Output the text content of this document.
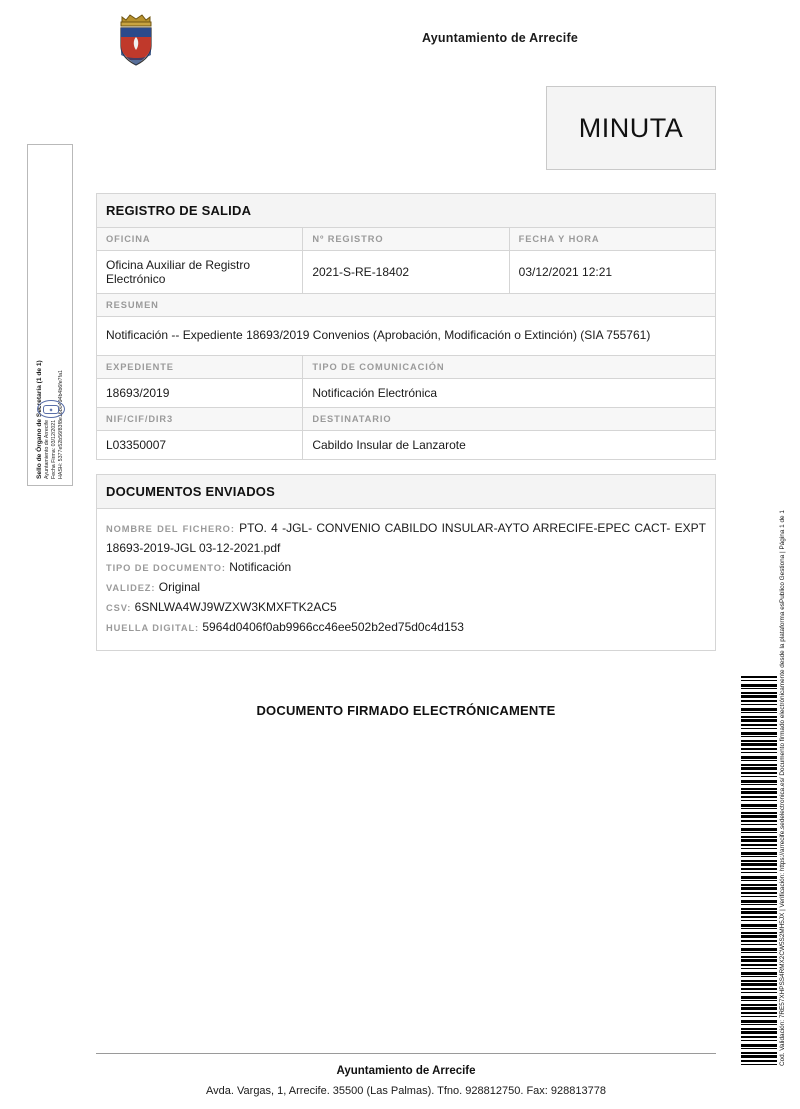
Ayuntamiento de Arrecife
MINUTA
Sello de Órgano de Secretaría (1 de 1) Ayuntamiento de Arrecife Fecha Firma: 03/12/2021 HASH: 5377e52b56f83f8e16b0494b4b6fe7fa1
◆
REGISTRO DE SALIDA		
OFICINA	Nº REGISTRO	FECHA Y HORA
Oficina Auxiliar de Registro Electrónico	2021-S-RE-18402	03/12/2021 12:21
RESUMEN		
Notificación -- Expediente 18693/2019 Convenios (Aprobación, Modificación o Extinción) (SIA 755761)		
EXPEDIENTE	TIPO DE COMUNICACIÓN	
18693/2019	Notificación Electrónica	
NIF/CIF/DIR3	DESTINATARIO	
L03350007	Cabildo Insular de Lanzarote	
DOCUMENTOS ENVIADOS
NOMBRE DEL FICHERO: PTO. 4 -JGL- CONVENIO CABILDO INSULAR-AYTO ARRECIFE-EPEC CACT- EXPT 18693-2019-JGL 03-12-2021.pdf
TIPO DE DOCUMENTO: Notificación
VALIDEZ: Original
CSV: 6SNLWA4WJ9WZXW3KMXFTK2AC5
HUELLA DIGITAL: 5964d0406f0ab9966cc46ee502b2ed75d0c4d153
DOCUMENTO FIRMADO ELECTRÓNICAMENTE	Cod. Validación: 7RE57XHPSS4RMX2CW5S2MH5JX | Verificación: https://arrecife.sedelectronica.es/ Documento firmado electrónicamente desde la plataforma esPublico Gestiona | Página 1 de 1
Ayuntamiento de Arrecife
Avda. Vargas, 1, Arrecife. 35500 (Las Palmas). Tfno. 928812750. Fax: 928813778
